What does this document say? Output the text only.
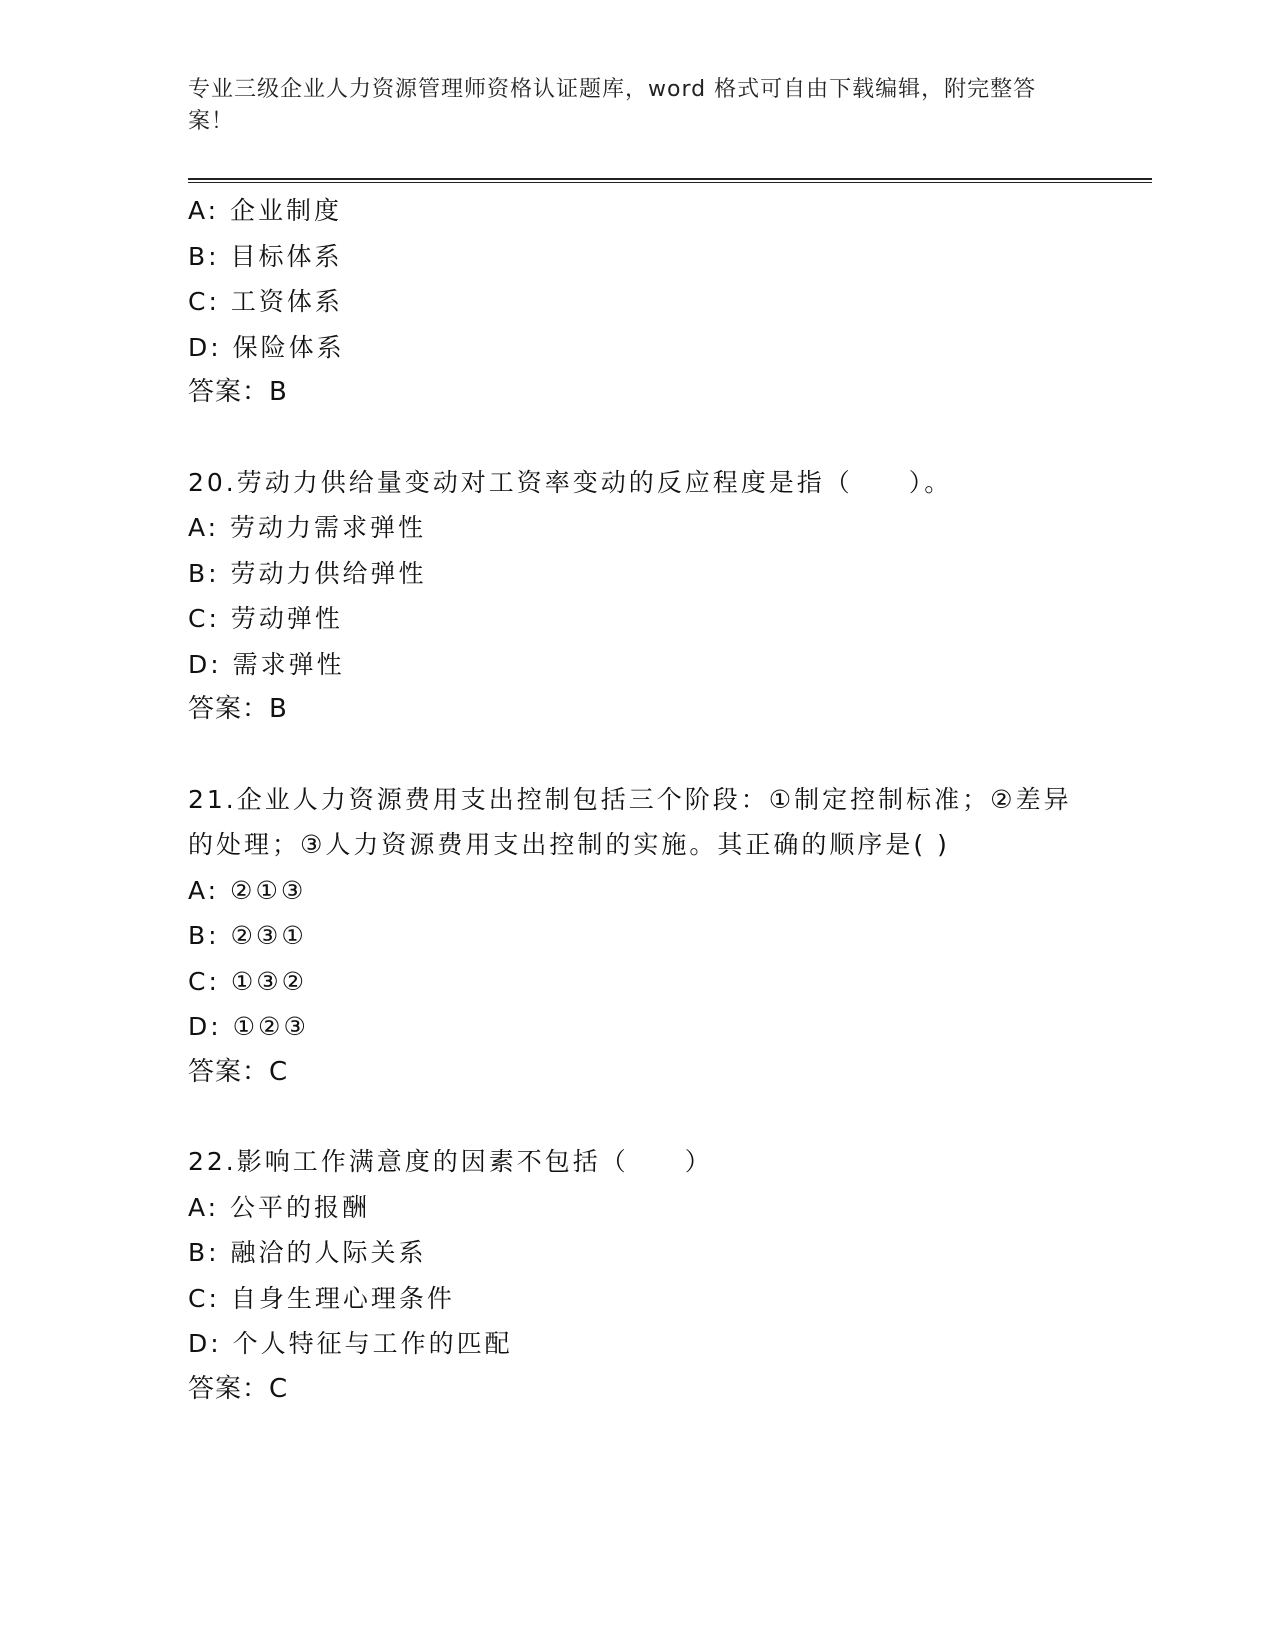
专业三级企业人力资源管理师资格认证题库，word 格式可自由下载编辑，附完整答案！
A: 企业制度
B: 目标体系
C: 工资体系
D: 保险体系
答案：B
20.劳动力供给量变动对工资率变动的反应程度是指（　　）。
A: 劳动力需求弹性
B: 劳动力供给弹性
C: 劳动弹性
D: 需求弹性
答案：B
21.企业人力资源费用支出控制包括三个阶段：①制定控制标准；②差异的处理；③人力资源费用支出控制的实施。其正确的顺序是( )
A: ②①③
B: ②③①
C: ①③②
D: ①②③
答案：C
22.影响工作满意度的因素不包括（　　）
A: 公平的报酬
B: 融洽的人际关系
C: 自身生理心理条件
D: 个人特征与工作的匹配
答案：C
